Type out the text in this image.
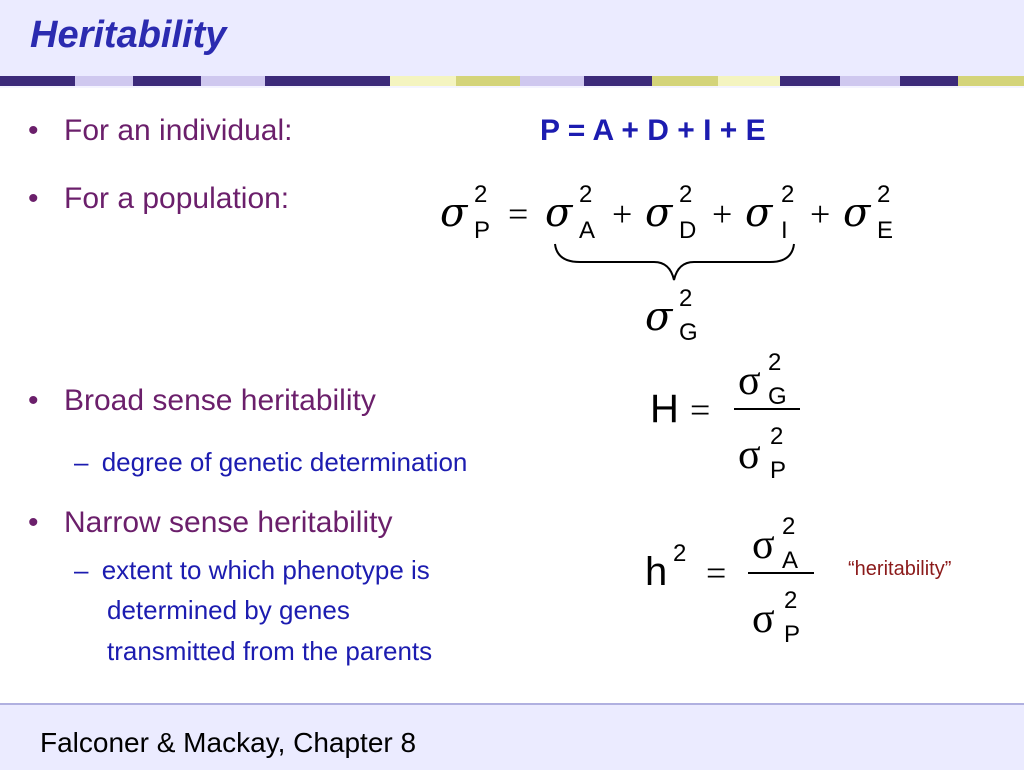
Heritability
• For an individual:
• For a population:
• Broad sense heritability
• Narrow sense heritability
– degree of genetic determination
– extent to which phenotype is
determined by genes
transmitted from the parents
P = A + D + I + E
σ 2
P = σ 2
A + σ 2
D + σ 2
I + σ 2
E
σ 2
G
H =
σ 2
G
σ 2
P
h 2 =
σ 2
A
σ 2
P
“heritability”
Falconer & Mackay, Chapter 8
